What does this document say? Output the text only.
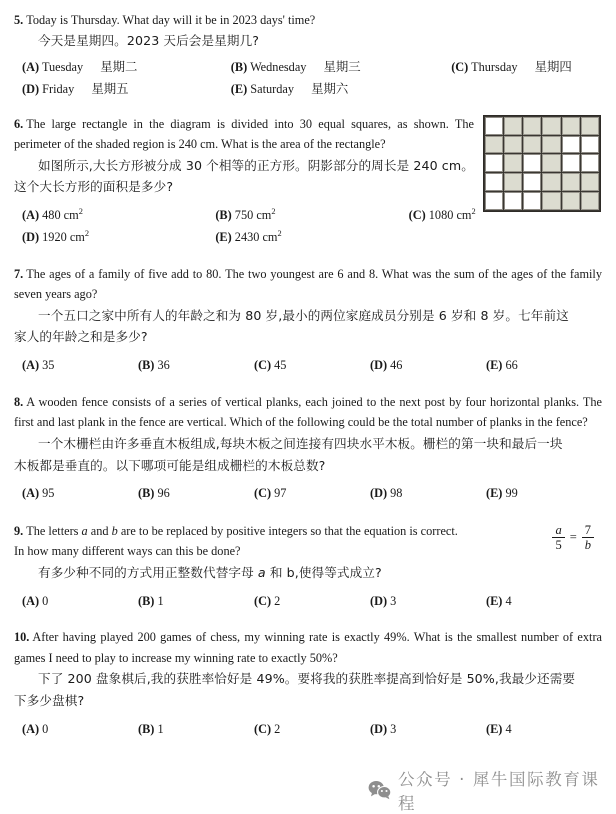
5. Today is Thursday. What day will it be in 2023 days' time?
今天是星期四。2023 天后会是星期几?
(A) Tuesday 星期二	(B) Wednesday 星期三	(C) Thursday 星期四
(D) Friday 星期五	(E) Saturday 星期六
6. The large rectangle in the diagram is divided into 30 equal squares, as shown. The perimeter of the shaded region is 240 cm. What is the area of the rectangle?
如图所示,大长方形被分成 30 个相等的正方形。阴影部分的周长是 240 cm。
这个大长方形的面积是多少?
(A) 480 $cm^2$	(B) 750 $cm^2$	(C) 1080 $cm^2$
(D) 1920 $cm^2$	(E) 2430 $cm^2$
7. The ages of a family of five add to 80. The two youngest are 6 and 8. What was the sum of the ages of the family seven years ago?
一个五口之家中所有人的年龄之和为 80 岁,最小的两位家庭成员分别是 6 岁和 8 岁。七年前这
家人的年龄之和是多少?
(A) 35	(B) 36	(C) 45	(D) 46	(E) 66
8. A wooden fence consists of a series of vertical planks, each joined to the next post by four horizontal planks. The first and last plank in the fence are vertical. Which of the following could be the total number of planks in the fence?
一个木栅栏由许多垂直木板组成,每块木板之间连接有四块水平木板。栅栏的第一块和最后一块
木板都是垂直的。以下哪项可能是组成栅栏的木板总数?
(A) 95	(B) 96	(C) 97	(D) 98	(E) 99
$\frac{a}{5} = \frac{7}{b}$
9. The letters a and b are to be replaced by positive integers so that the equation is correct.
In how many different ways can this be done?
有多少种不同的方式用正整数代替字母 a 和 b,使得等式成立?
(A) 0	(B) 1	(C) 2	(D) 3	(E) 4
10. After having played 200 games of chess, my winning rate is exactly 49%. What is the smallest number of extra games I need to play to increase my winning rate to exactly 50%?
下了 200 盘象棋后,我的获胜率恰好是 49%。要将我的获胜率提高到恰好是 50%,我最少还需要
下多少盘棋?
(A) 0	(B) 1	(C) 2	(D) 3	(E) 4
公众号 · 犀牛国际教育课程
